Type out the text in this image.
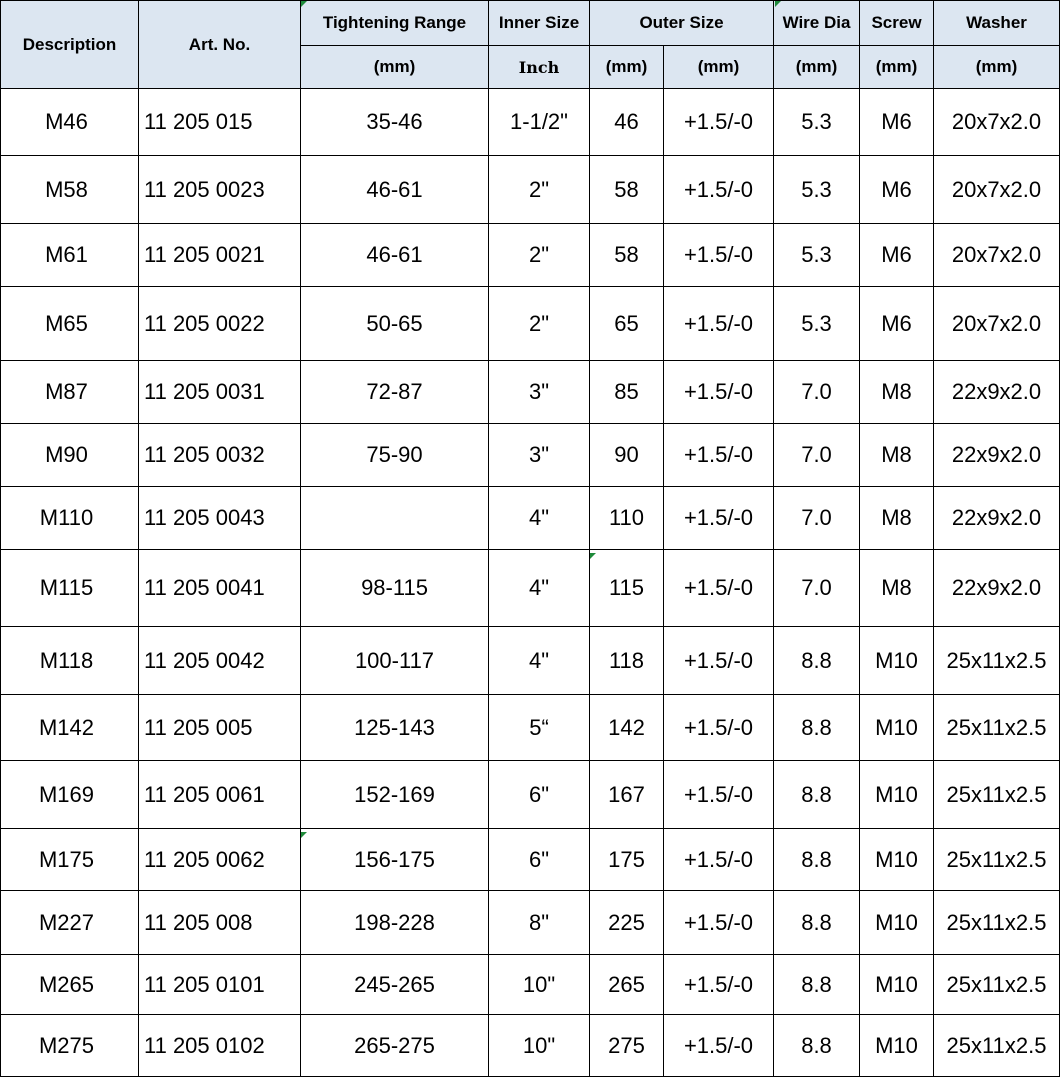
Description	Art. No.	Tightening Range	Inner Size	Outer Size		Wire Dia	Screw	Washer
		(mm)	Inch	(mm)	(mm)	(mm)	(mm)	(mm)
M46	11 205 015	35-46	1-1/2"	46	+1.5/-0	5.3	M6	20x7x2.0
M58	11 205 0023	46-61	2"	58	+1.5/-0	5.3	M6	20x7x2.0
M61	11 205 0021	46-61	2"	58	+1.5/-0	5.3	M6	20x7x2.0
M65	11 205 0022	50-65	2"	65	+1.5/-0	5.3	M6	20x7x2.0
M87	11 205 0031	72-87	3"	85	+1.5/-0	7.0	M8	22x9x2.0
M90	11 205 0032	75-90	3"	90	+1.5/-0	7.0	M8	22x9x2.0
M110	11 205 0043		4"	110	+1.5/-0	7.0	M8	22x9x2.0
M115	11 205 0041	98-115	4"	115	+1.5/-0	7.0	M8	22x9x2.0
M118	11 205 0042	100-117	4"	118	+1.5/-0	8.8	M10	25x11x2.5
M142	11 205 005	125-143	5“	142	+1.5/-0	8.8	M10	25x11x2.5
M169	11 205 0061	152-169	6"	167	+1.5/-0	8.8	M10	25x11x2.5
M175	11 205 0062	156-175	6"	175	+1.5/-0	8.8	M10	25x11x2.5
M227	11 205 008	198-228	8"	225	+1.5/-0	8.8	M10	25x11x2.5
M265	11 205 0101	245-265	10"	265	+1.5/-0	8.8	M10	25x11x2.5
M275	11 205 0102	265-275	10"	275	+1.5/-0	8.8	M10	25x11x2.5
